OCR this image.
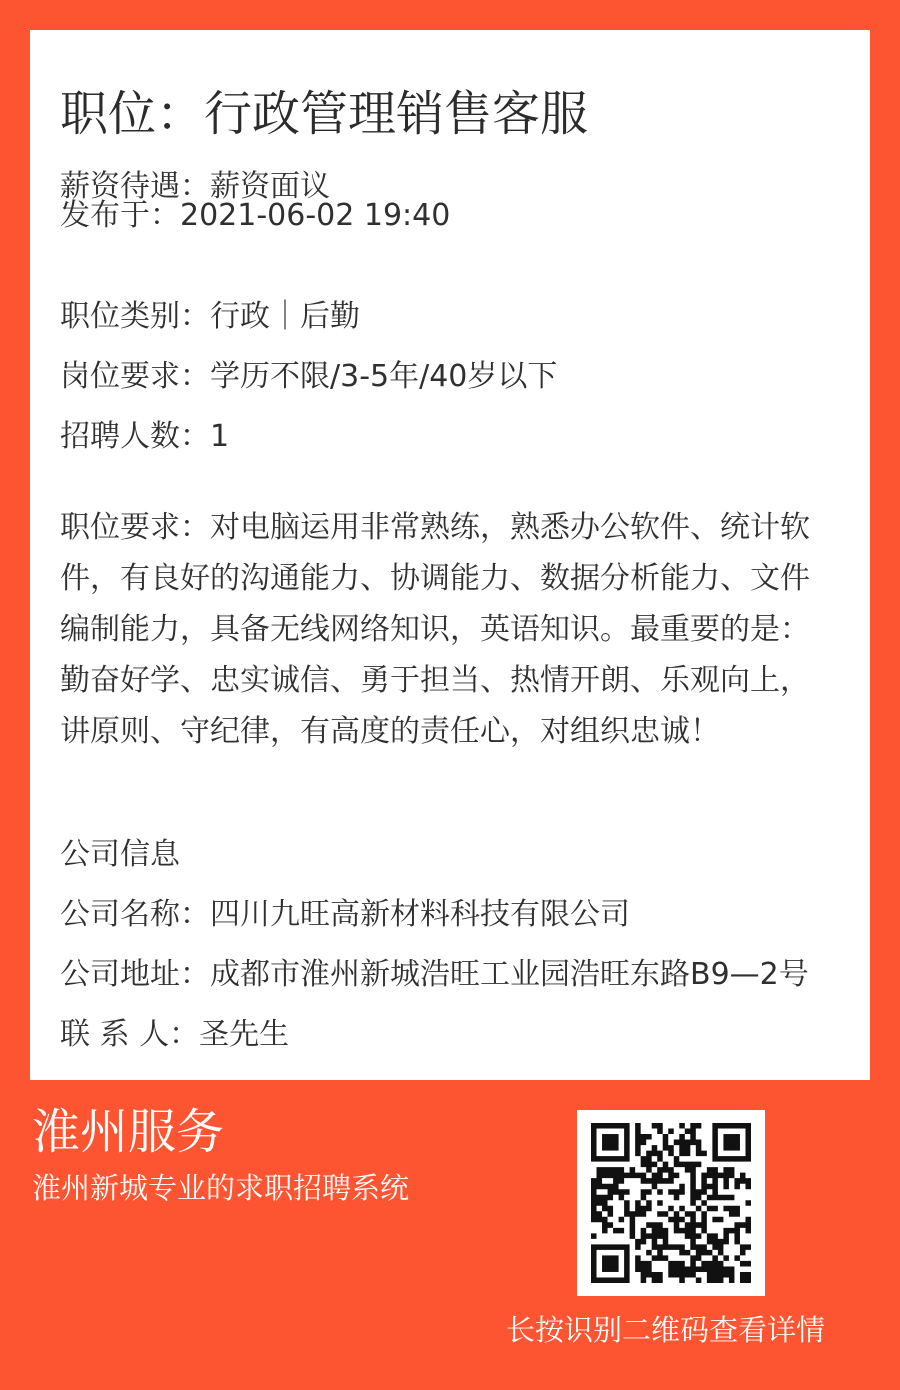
职位：行政管理销售客服
薪资待遇：薪资面议
发布于：2021-06-02 19:40
职位类别：行政｜后勤
岗位要求：学历不限/3-5年/40岁以下
招聘人数：1
职位要求：对电脑运用非常熟练，熟悉办公软件、统计软件，有良好的沟通能力、协调能力、数据分析能力、文件编制能力，具备无线网络知识，英语知识。最重要的是：勤奋好学、忠实诚信、勇于担当、热情开朗、乐观向上，讲原则、守纪律，有高度的责任心，对组织忠诚！
公司信息
公司名称：四川九旺高新材料科技有限公司
公司地址：成都市淮州新城浩旺工业园浩旺东路B9—2号
联 系 人：圣先生
淮州服务
淮州新城专业的求职招聘系统
长按识别二维码查看详情
